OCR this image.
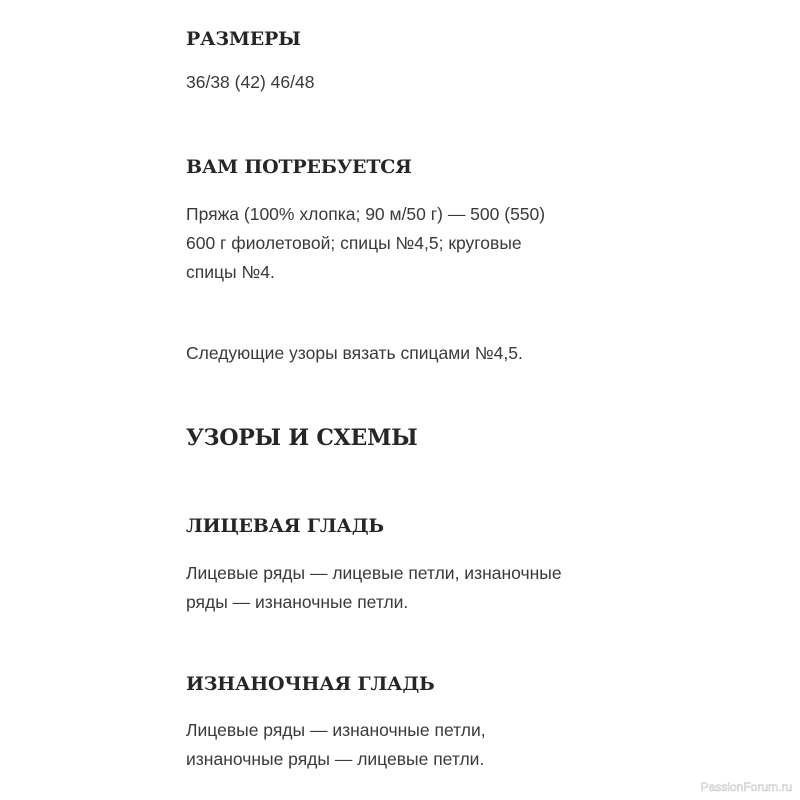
РАЗМЕРЫ

36/38 (42) 46/48

ВАМ ПОТРЕБУЕТСЯ

Пряжа (100% хлопка; 90 м/50 г) — 500 (550)

600 г фиолетовой; спицы №4,5; круговые

спицы №4.

Следующие узоры вязать спицами №4,5.

УЗОРЫ И СХЕМЫ
ЛИЦЕВАЯ ГЛАДЬ

Лицевые ряды — лицевые петли, изнаночные

ряды — изнаночные петли.

ИЗНАНОЧНАЯ ГЛАДЬ

Лицевые ряды — изнаночные петли,

изнаночные ряды — лицевые петли.

PassionForum.ru
